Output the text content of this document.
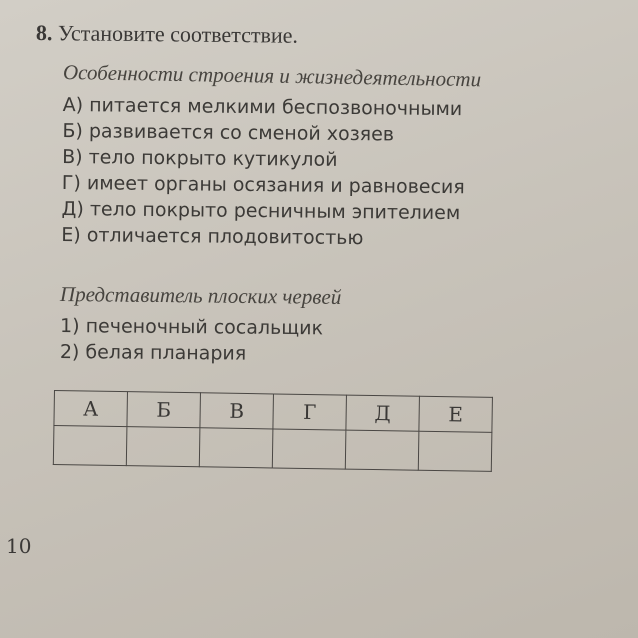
8. Установите соответствие.
Особенности строения и жизнедеятельности
А) питается мелкими беспозвоночными
Б) развивается со сменой хозяев
В) тело покрыто кутикулой
Г) имеет органы осязания и равновесия
Д) тело покрыто ресничным эпителием
Е) отличается плодовитостью
Представитель плоских червей
1) печеночный сосальщик
2) белая планария
А	Б	В	Г	Д	Е

10
